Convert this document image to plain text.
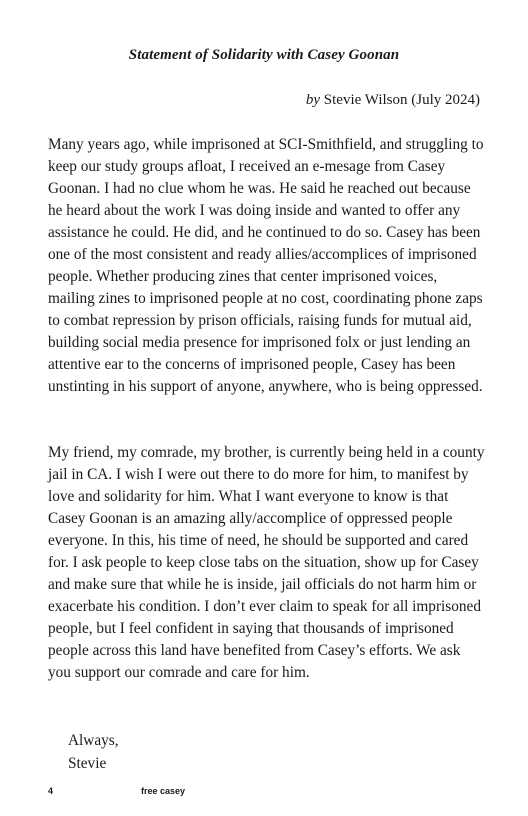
Statement of Solidarity with Casey Goonan
by Stevie Wilson (July 2024)

Many years ago, while imprisoned at SCI-Smithfield, and struggling to keep our study groups afloat, I received an e-mesage from Casey Goonan. I had no clue whom he was. He said he reached out because he heard about the work I was doing inside and wanted to offer any assistance he could. He did, and he continued to do so. Casey has been one of the most consistent and ready allies/accomplices of imprisoned people. Whether producing zines that center imprisoned voices, mailing zines to imprisoned people at no cost, coordinating phone zaps to combat repression by prison officials, raising funds for mutual aid, building social media presence for imprisoned folx or just lending an attentive ear to the concerns of imprisoned people, Casey has been unstinting in his support of anyone, anywhere, who is being oppressed.

My friend, my comrade, my brother, is currently being held in a county jail in CA. I wish I were out there to do more for him, to manifest by love and solidarity for him. What I want everyone to know is that Casey Goonan is an amazing ally/accomplice of oppressed people everyone. In this, his time of need, he should be supported and cared for. I ask people to keep close tabs on the situation, show up for Casey and make sure that while he is inside, jail officials do not harm him or exacerbate his condition. I don’t ever claim to speak for all imprisoned people, but I feel confident in saying that thousands of imprisoned people across this land have benefited from Casey’s efforts. We ask you support our comrade and care for him.

Always,
Stevie
4	free casey
